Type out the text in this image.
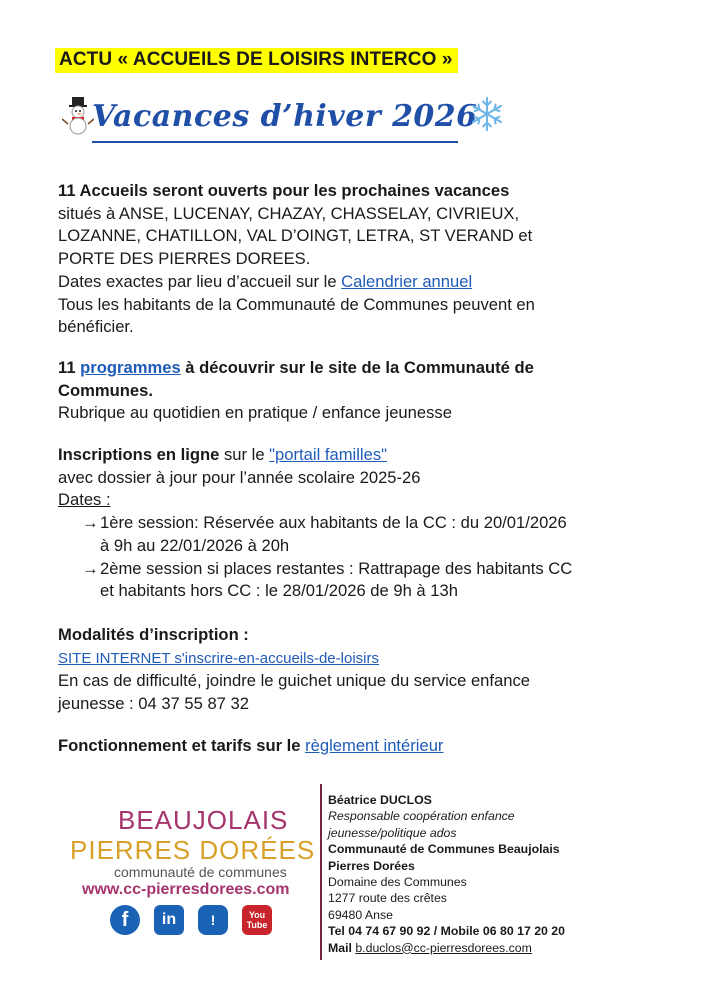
ACTU « ACCUEILS DE LOISIRS INTERCO »
Vacances d’hiver 2026
11 Accueils seront ouverts pour les prochaines vacances
situés à ANSE, LUCENAY, CHAZAY, CHASSELAY, CIVRIEUX,
LOZANNE, CHATILLON, VAL D’OINGT, LETRA, ST VERAND et
PORTE DES PIERRES DOREES.
Dates exactes par lieu d’accueil sur le Calendrier annuel
Tous les habitants de la Communauté de Communes peuvent en
bénéficier.
11 programmes à découvrir sur le site de la Communauté de
Communes.
Rubrique au quotidien en pratique / enfance jeunesse
Inscriptions en ligne sur le "portail familles"
avec dossier à jour pour l’année scolaire 2025-26
Dates :
→1ère session: Réservée aux habitants de la CC : du 20/01/2026
à 9h au 22/01/2026 à 20h
→2ème session si places restantes : Rattrapage des habitants CC
et habitants hors CC : le 28/01/2026 de 9h à 13h
Modalités d’inscription :
SITE INTERNET s'inscrire-en-accueils-de-loisirs
En cas de difficulté, joindre le guichet unique du service enfance
jeunesse : 04 37 55 87 32
Fonctionnement et tarifs sur le règlement intérieur
BEAUJOLAIS
PIERRES DORÉES
communauté de communes
www.cc-pierresdorees.com
f	in	!	You
Tube
Béatrice DUCLOS
Responsable coopération enfance
jeunesse/politique ados
Communauté de Communes Beaujolais
Pierres Dorées
Domaine des Communes
1277 route des crêtes
69480 Anse
Tel 04 74 67 90 92 / Mobile 06 80 17 20 20
Mail b.duclos@cc-pierresdorees.com
